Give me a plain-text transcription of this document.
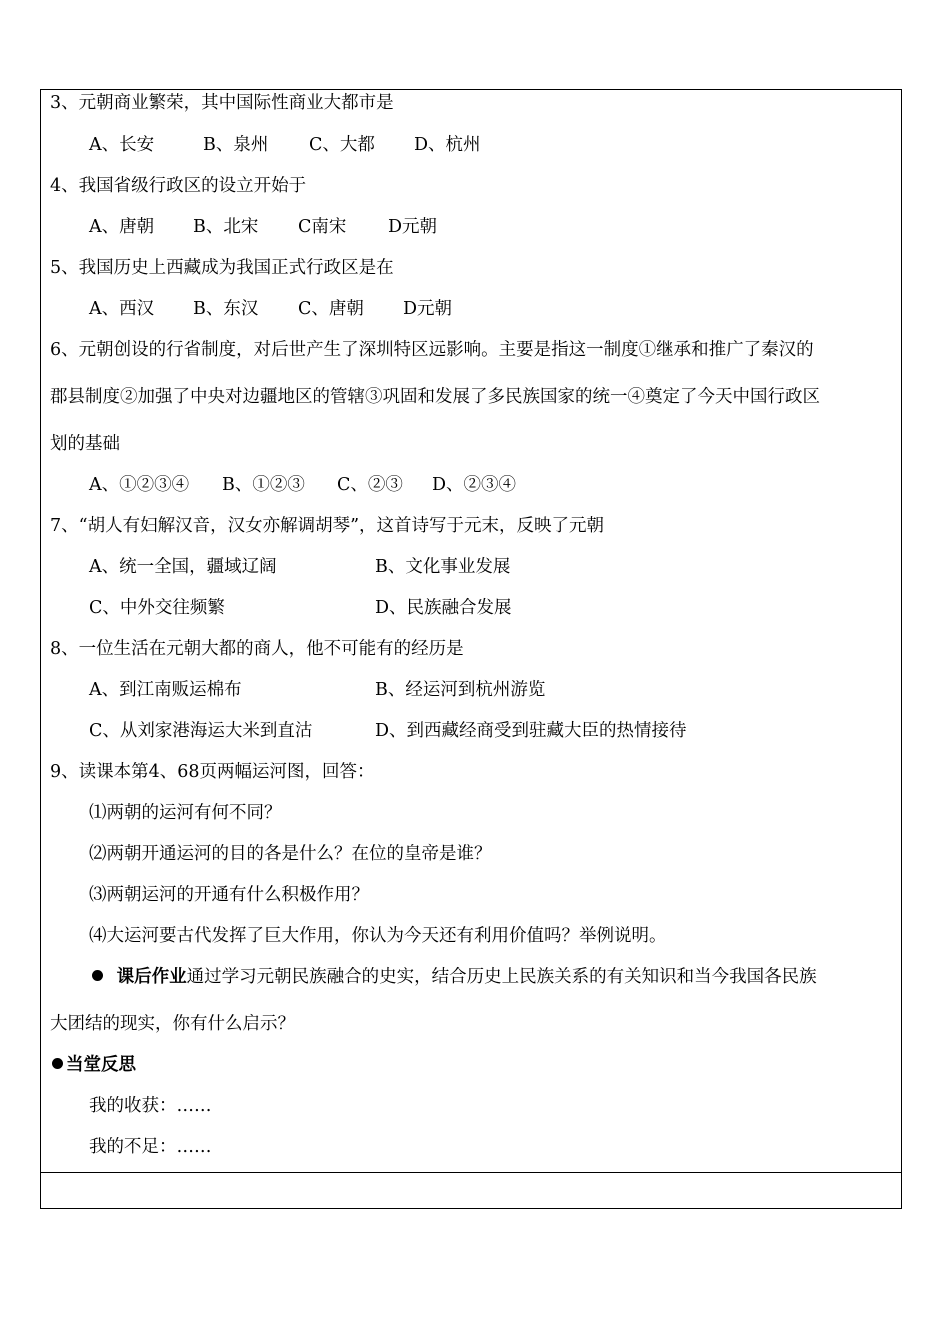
3、元朝商业繁荣，其中国际性商业大都市是
A、长安	B、泉州 C、大都 D、杭州
4、我国省级行政区的设立开始于
A、唐朝 B、北宋 C南宋 D元朝
5、我国历史上西藏成为我国正式行政区是在
A、西汉 B、东汉 C、唐朝 D元朝
6、元朝创设的行省制度，对后世产生了深圳特区远影响。主要是指这一制度①继承和推广了秦汉的
郡县制度②加强了中央对边疆地区的管辖③巩固和发展了多民族国家的统一④奠定了今天中国行政区
划的基础
A、①②③④ B、①②③ C、②③ D、②③④
7、“胡人有妇解汉音，汉女亦解调胡琴”，这首诗写于元末，反映了元朝
A、统一全国，疆域辽阔	B、文化事业发展
C、中外交往频繁	D、民族融合发展
8、一位生活在元朝大都的商人，他不可能有的经历是
A、到江南贩运棉布	B、经运河到杭州游览
C、从刘家港海运大米到直沽	D、到西藏经商受到驻藏大臣的热情接待
9、读课本第4、68页两幅运河图，回答：
⑴两朝的运河有何不同？
⑵两朝开通运河的目的各是什么？在位的皇帝是谁？
⑶两朝运河的开通有什么积极作用？
⑷大运河要古代发挥了巨大作用，你认为今天还有利用价值吗？举例说明。
课后作业通过学习元朝民族融合的史实，结合历史上民族关系的有关知识和当今我国各民族
大团结的现实，你有什么启示？
当堂反思
我的收获：……
我的不足：……
